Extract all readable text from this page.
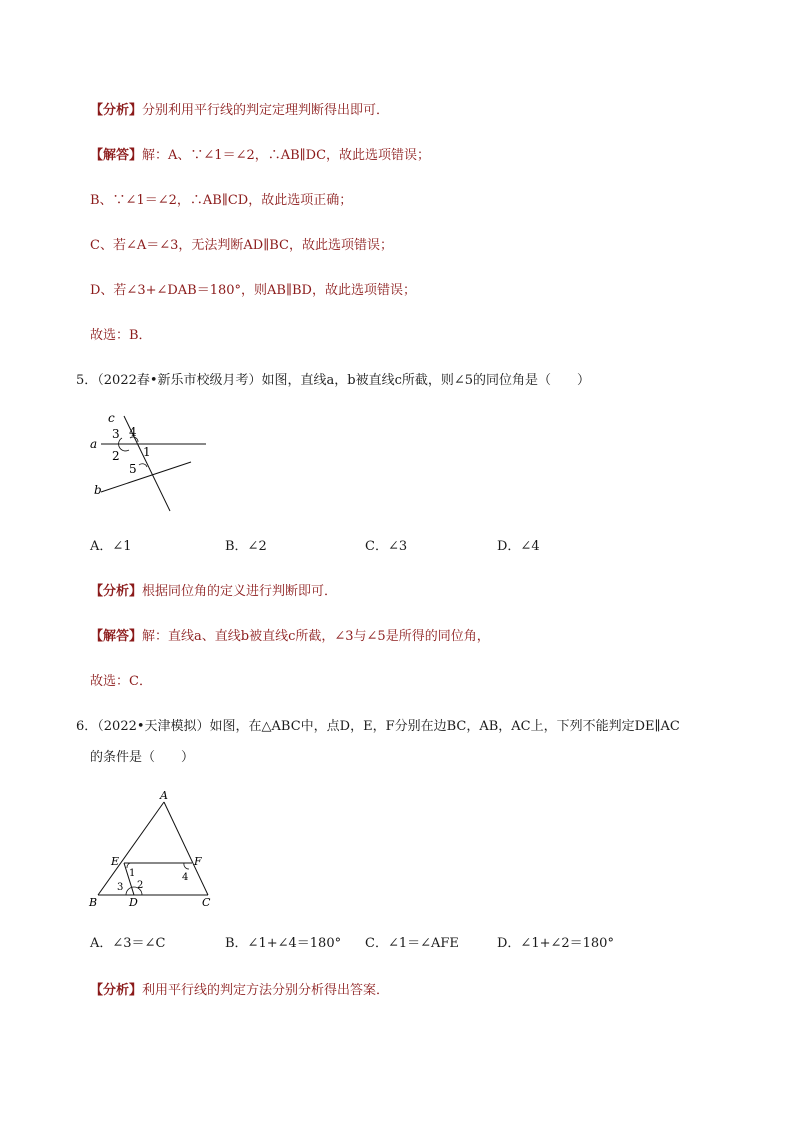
【分析】分别利用平行线的判定定理判断得出即可．
【解答】解：A、∵∠1＝∠2，∴AB∥DC，故此选项错误；
B、∵∠1＝∠2，∴AB∥CD，故此选项正确；
C、若∠A＝∠3，无法判断AD∥BC，故此选项错误；
D、若∠3+∠DAB＝180°，则AB∥BD，故此选项错误；
故选：B．
5．（2022春•新乐市校级月考）如图，直线a，b被直线c所截，则∠5的同位角是（　　）
c
a
b
3 4
2 1
5
A．∠1	B．∠2	C．∠3	D．∠4
【分析】根据同位角的定义进行判断即可．
【解答】解：直线a、直线b被直线c所截，∠3与∠5是所得的同位角，
故选：C．
6．（2022•天津模拟）如图，在△ABC中，点D，E，F分别在边BC，AB，AC上，下列不能判定DE∥AC
的条件是（　　）
A
E	F
B	D	C
1
2
3
4
A．∠3＝∠C	B．∠1+∠4＝180° C．∠1＝∠AFE	D．∠1+∠2＝180°
【分析】利用平行线的判定方法分别分析得出答案．
